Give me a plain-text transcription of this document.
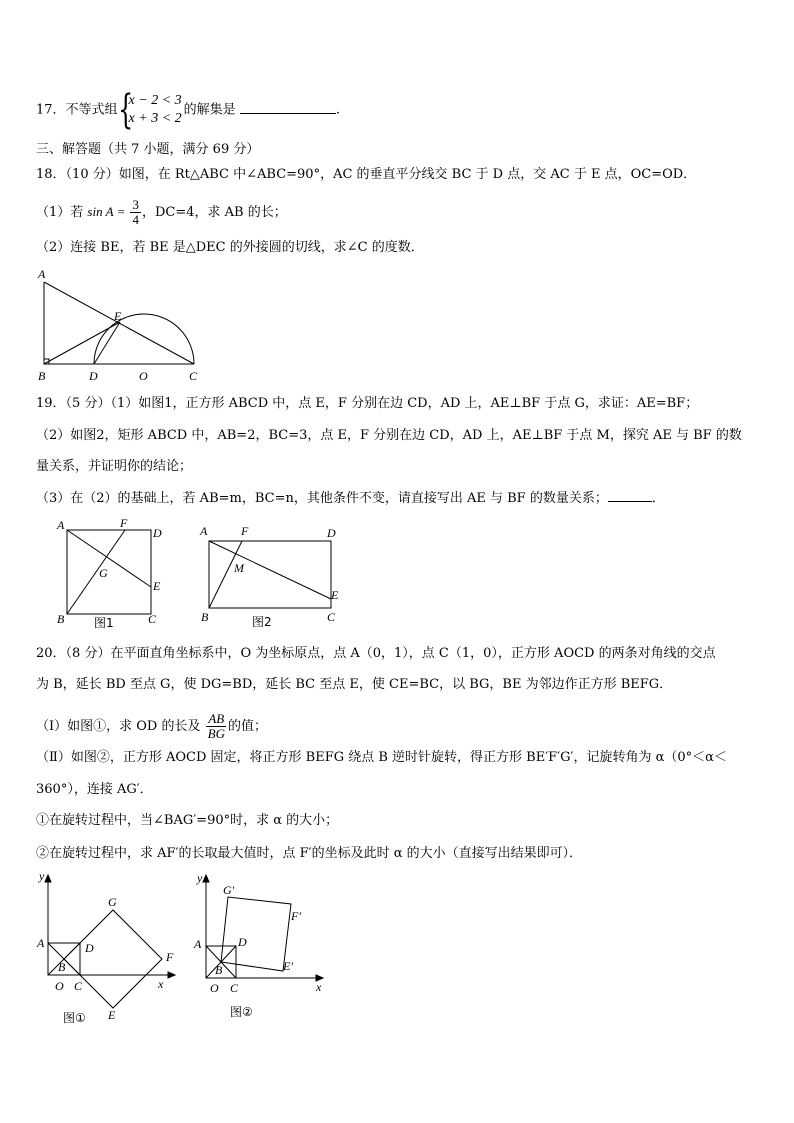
17．不等式组 {
x − 2 < 3
x + 3 < 2
的解集是	.
三、解答题（共 7 小题，满分 69 分）
18．（10 分）如图，在 Rt△ABC 中∠ABC=90°，AC 的垂直平分线交 BC 于 D 点，交 AC 于 E 点，OC=OD．
（1）若 $\sin A = \frac{3}{4}$ ，DC=4，求 AB 的长；
（2）连接 BE，若 BE 是△DEC 的外接圆的切线，求∠C 的度数．
A
E
B	D	O	C
19．（5 分）（1）如图1，正方形 ABCD 中，点 E，F 分别在边 CD，AD 上，AE⊥BF 于点 G，求证：AE=BF；
（2）如图2，矩形 ABCD 中，AB=2，BC=3，点 E，F 分别在边 CD，AD 上，AE⊥BF 于点 M，探究 AE 与 BF 的数
量关系，并证明你的结论；
（3）在（2）的基础上，若 AB=m，BC=n，其他条件不变，请直接写出 AE 与 BF 的数量关系；	．
A	F
D
G
E
B	C
图1
A	F	D
M
E
B	C
图2
20．（8 分）在平面直角坐标系中，O 为坐标原点，点 A（0，1），点 C（1，0），正方形 AOCD 的两条对角线的交点
为 B，延长 BD 至点 G，使 DG=BD，延长 BC 至点 E，使 CE=BC，以 BG，BE 为邻边作正方形 BEFG．
（Ⅰ）如图①，求 OD 的长及 $\frac{AB}{BG}$ 的值；
（Ⅱ）如图②，正方形 AOCD 固定，将正方形 BEFG 绕点 B 逆时针旋转，得正方形 BE′F′G′，记旋转角为 α（0°＜α＜
360°），连接 AG′．
①在旋转过程中，当∠BAG′=90°时，求 α 的大小；
②在旋转过程中，求 AF′的长取最大值时，点 F′的坐标及此时 α 的大小（直接写出结果即可）．
y
x
G
A	D
B
F
O C
E
图①
y
x
G′
F′
A	D
E′
B
O C
图②
